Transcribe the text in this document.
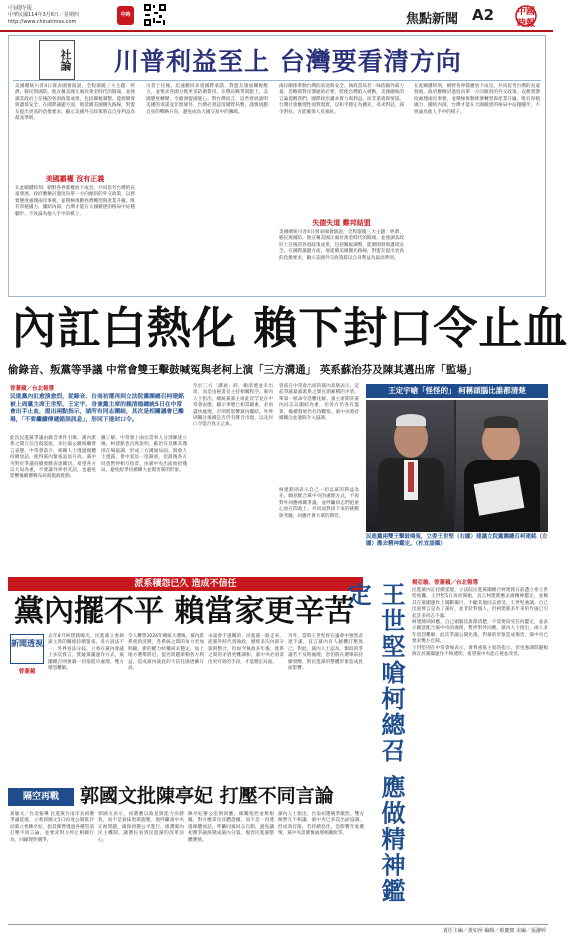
中國時報
中華民國114年3月6日／星期四
http://www.chinatimes.com
中時	焦點新聞 A2	中國
時報
社論 川普利益至上 台灣要看清方向
美國總統川普4日發表國會演說，全程環繞三大主題：經濟、移民與國防。他宣稱美國正處於黃金時代的開端，並強調其政府上任後的各項政策成果，包括關稅調整、能源開發與邊境安全。在國際議題方面，他延續美國優先路線，對盟友提出更高的負擔要求，顯示美國外交政策將以自身利益為最高準則。
美國霸權 沒有正義
在此關鍵時刻，朝野各界都應放下成見，共同思考台灣的長遠發展。政府應檢討過度向單一方向傾斜的外交政策，以務實態度處理兩岸事務，並積極推動經濟轉型與產業升級。唯有厚植國力，團結內部，台灣才能在大國競逐的格局中站穩腳步，不致淪為他人手中的棋子。
川普上任後，迅速撤回多項國際承諾，對盟友施加關稅壓力，並要求各國分擔更多防衛費用。在俄烏戰爭問題上，美國態度轉變，令歐洲盟國憂心。對台灣而言，這些發展說明美國的承諾並非無條件，台灣必須認清國際局勢，謹慎規劃自身的戰略方向，避免成為大國交易中的籌碼。
兩岸關係牽動台灣的前途與安全。執政當局若一味依賴外部力量，忽略與對岸溝通的必要，將使台灣陷入被動。美國總統的言論提醒我們，國際政治講求實力與利益，而非道義與情誼。台灣社會應理性面對現實，以和平穩定為優先，尋求對話，減少對抗，方能確保人民福祉。
失德失道 難邦結盟
美國總統川普4日發表國會演說，全程環繞三大主題：經濟、移民與國防。他宣稱美國正處於黃金時代的開端，並強調其政府上任後的各項政策成果，包括關稅調整、能源開發與邊境安全。在國際議題方面，他延續美國優先路線，對盟友提出更高的負擔要求，顯示美國外交政策將以自身利益為最高準則。
在此關鍵時刻，朝野各界都應放下成見，共同思考台灣的長遠發展。政府應檢討過度向單一方向傾斜的外交政策，以務實態度處理兩岸事務，並積極推動經濟轉型與產業升級。唯有厚植國力，團結內部，台灣才能在大國競逐的格局中站穩腳步，不致淪為他人手中的棋子。
內訌白熱化 賴下封口令止血
偷錄音、叛黨等爭議 中常會雙王擊鼓喊冤與老柯上演「三方溝通」 英系蘇治芬及陳其邁出席「監場」
曾薏蘋／台北報導
民進黨內訌愈演愈烈，從錄音、台南初選再到立法院黨團總召柯建銘被上周黨主席王世堅、王定宇、身兼黨主席的賴清德總統5日在中常會出手止血，提出兩點指示，請所有同志團結，其次是相關議會已離場，「不要繼續傳遞錯誤訊息」，形同下達封口令。
此次民進黨爭議由錄音事件引爆，黨內派系之間互信出現裂痕，多位黨公職相繼發言表態。中常會前夕，相關人士透過媒體持續放話，使得黨內緊張氣氛升高。黨中央對於爭議持續發酵表達關切，希望各方以大局為重，不要讓外界看笑話，也避免影響後續選戰布局與施政推動。
據了解，中常會上兩位當事人分別陳述立場，柯建銘也出席說明，蘇治芬及陳其邁則在場協調，形成三方溝通局面。與會人士透露，會中氣氛一度凝重，但最後各方同意暫停相互指責，由黨中央出面收拾殘局，避免紛爭持續擴大並傷害黨的形象。
至於三方「溝通」時，賴清德並未出席，而是由秘書長主持相關程序。黨內人士指出，總統兼黨主席此次罕見在中常會表態，顯示事態已相當嚴重，必須盡快處理，否則將影響黨內團結。外界則關注後續是否仍有雜音出現，以及封口令能否真正止血。
曾前在中常會出席的黨內高層表示，這起爭議暴露派系之間長期累積的矛盾，單靠一紙命令恐難化解。黨主席期許黨內同志以團結為重，但各方仍各有盤算，後續發展仍有待觀察，黨中央將持續關注並適時介入協調。
柯建銘則表示自己一切以黨的利益為先，願意配合黨中央的處理方式，不再對外回應相關爭議，並呼籲同志們把重心放在問政上，共同面對接下來的挑戰與考驗，回應社會大眾的期待。
王定宇嗆「怪怪的」 柯稱頭腦比誰都清楚
民進黨兩雙王擊鼓鳴冤，立委王世堅（右圖）建議立院黨團總召柯建銘（左圖）應去精神鑑定。（杜宜諳攝）
派系積怨已久 造成不信任
黨內擺不平 賴當家更辛苦
新聞透視
曾薏蘋
去年8月柯建銘曝光，民進黨立委與黨主席的關係持續緊張，各方說法不一，外界看法分歧。立委在黨內會議上多次發言，質疑黨團運作方式，黨團總召則強調一切依程序處理，雙方積怨難解。
令人難想2024年總統大選後，黨內派系重新洗牌，各系統之間的角力更加明顯。新的權力結構尚未穩定，加上地方選舉將近，提名問題牽動各方利益，造成黨內彼此的不信任感逐漸升高。
永遠會不過關的，民進黨一路走來，從黨外時代到執政，歷經多次內部分裂與整合，但如今執政多年後，派系之間的矛盾更難調和，黨中央必須拿出更有效的手段，才能穩定局面。
另外，當時王世堅曾在議會中強烈表達不滿，直言黨內有人藉機打壓異己。對此，黨內人士認為，類似的爭議若不及時處理，恐怕將在選舉前持續發酵，對民進黨的整體形象造成負面影響。
隔空再戰	郭國文批陳亭妃 打壓不同言論
黃敏文／台北報導 民進黨台南市長初選爭議延燒，立委郭國文5日再度公開批評同黨立委陳亭妃，指其陣營透過各種管道打壓不同言論，並要求對方停止相關行為，回歸理性競爭。
郭國文表示，初選應以政見與能力決勝負，而不是靠抹黑與施壓，他呼籲黨中央正視問題，確保初選公平進行，維護黨內民主機制，讓選民看到民進黨的改革決心。
陳亭妃辦公室則回應，相關指控並無根據，對方應拿出具體證據，而不是一再透過媒體放話，呼籲同黨同志自制，避免讓初選爭議演變成黨內分裂，傷害民進黨整體選情。
黨內人士指出，台南初選競爭激烈，雙方陣營互不相讓，黨中央已多次出面協調，但成效有限，若持續惡化，恐影響年底選情，黨中央需審慎處理相關紛爭。	王世堅嗆柯總召 應做精神鑑定	楊亞璇、曾薏蘋／台北報導
民進黨內訌持續延燒，立法院民進黨團總召柯建銘日前遭立委王世堅炮轟，王世堅5日再度開砲，直言柯建銘應去做精神鑑定，並稱其在黨團運作上獨斷獨行，不顧其他同志感受。王世堅強調，自己出面發言是為了黨好，並非針對個人，但柯建銘多年來的作風已引起許多同志不滿。
柯建銘則回應，自己頭腦比誰都清楚，不需要接受任何鑑定，並表示願意配合黨中央的處理，暫停對外回應。黨內人士指出，兩人多年恩怨難解，此次爭議公開化後，對黨的形象造成傷害，黨中央已要求雙方自制。
王世堅則在中常會後表示，會尊重黨主席的指示，但也強調問題根源在於黨團運作不夠透明，希望黨中央能正視並改善。
責任主編／黃如萍 編輯／蔡慶寶 美編／張瀞婷
